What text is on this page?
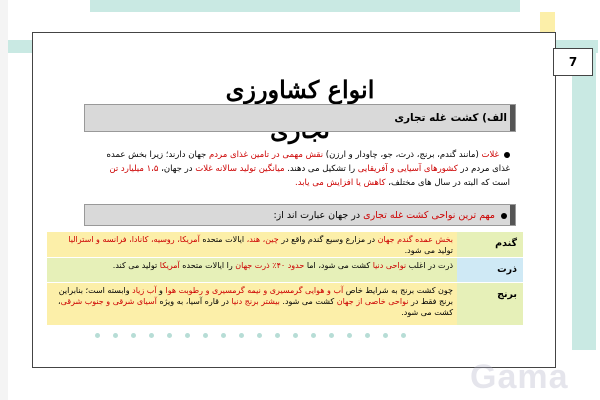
7
انواع کشاورزی
الف) کشت غله تجاری
غلات (مانند گندم، برنج، ذرت، جو، چاودار و ارزن) نقش مهمی در تامین غذای مردم جهان دارند؛ زیرا بخش عمده غذای مردم در کشورهای آسیایی و آفریقایی را تشکیل می دهند. میانگین تولید سالانه غلات در جهان، ۱،۵ میلیارد تن است که البته در سال های مختلف، کاهش یا افزایش می یابد.
مهم ترین نواحی کشت غله تجاری در جهان عبارت اند از:
بخش عمده گندم جهان در مزارع وسیع گندم واقع در چین، هند، ایالات متحده آمریکا، روسیه، کانادا، فرانسه و استرالیا تولید می شود.
گندم
ذرت در اغلب نواحی دنیا کشت می شود، اما حدود ۴۰٪ ذرت جهان را ایالات متحده آمریکا تولید می کند.	ذرت
چون کشت برنج به شرایط خاص آب و هوایی گرمسیری و نیمه گرمسیری و رطوبت هوا و آب زیاد وابسته است؛ بنابراین برنج فقط در نواحی خاصی از جهان کشت می شود. بیشتر برنج دنیا در قاره آسیا، به ویژه آسیای شرقی و جنوب شرقی، کشت می شود.
برنج
Gama
